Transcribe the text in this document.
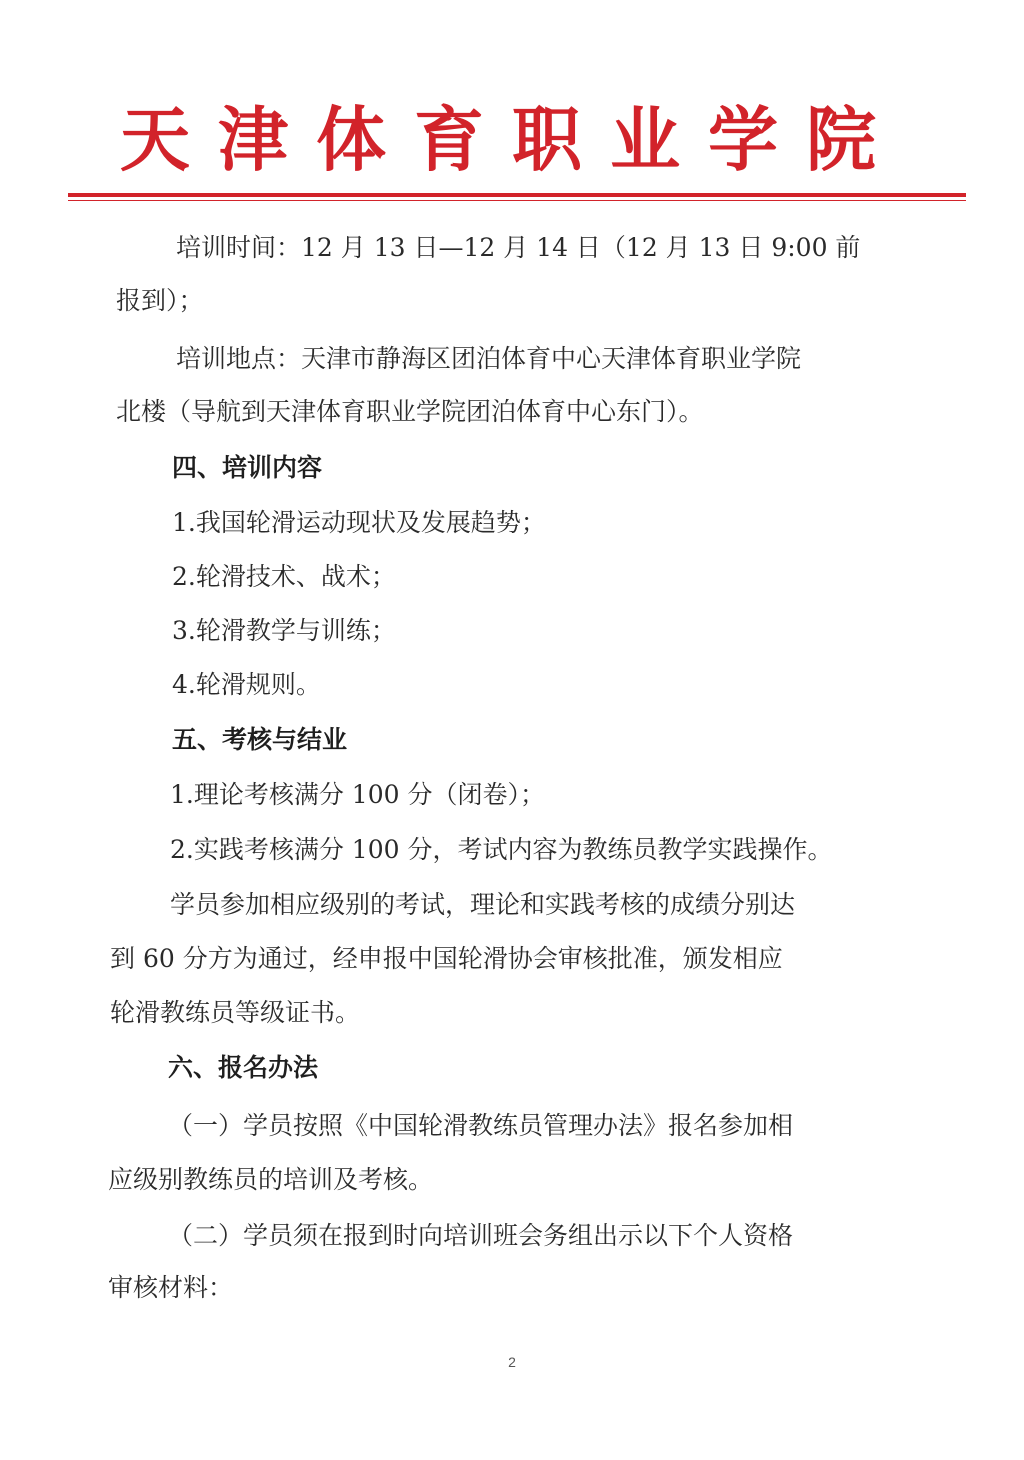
天津体育职业学院
培训时间：12 月 13 日—12 月 14 日（12 月 13 日 9:00 前
报到）；
培训地点：天津市静海区团泊体育中心天津体育职业学院
北楼（导航到天津体育职业学院团泊体育中心东门）。
四、培训内容
1.我国轮滑运动现状及发展趋势；
2.轮滑技术、战术；
3.轮滑教学与训练；
4.轮滑规则。
五、考核与结业
1.理论考核满分 100 分（闭卷）；
2.实践考核满分 100 分，考试内容为教练员教学实践操作。
学员参加相应级别的考试，理论和实践考核的成绩分别达
到 60 分方为通过，经申报中国轮滑协会审核批准，颁发相应
轮滑教练员等级证书。
六、报名办法
（一）学员按照《中国轮滑教练员管理办法》报名参加相
应级别教练员的培训及考核。
（二）学员须在报到时向培训班会务组出示以下个人资格
审核材料：
2
